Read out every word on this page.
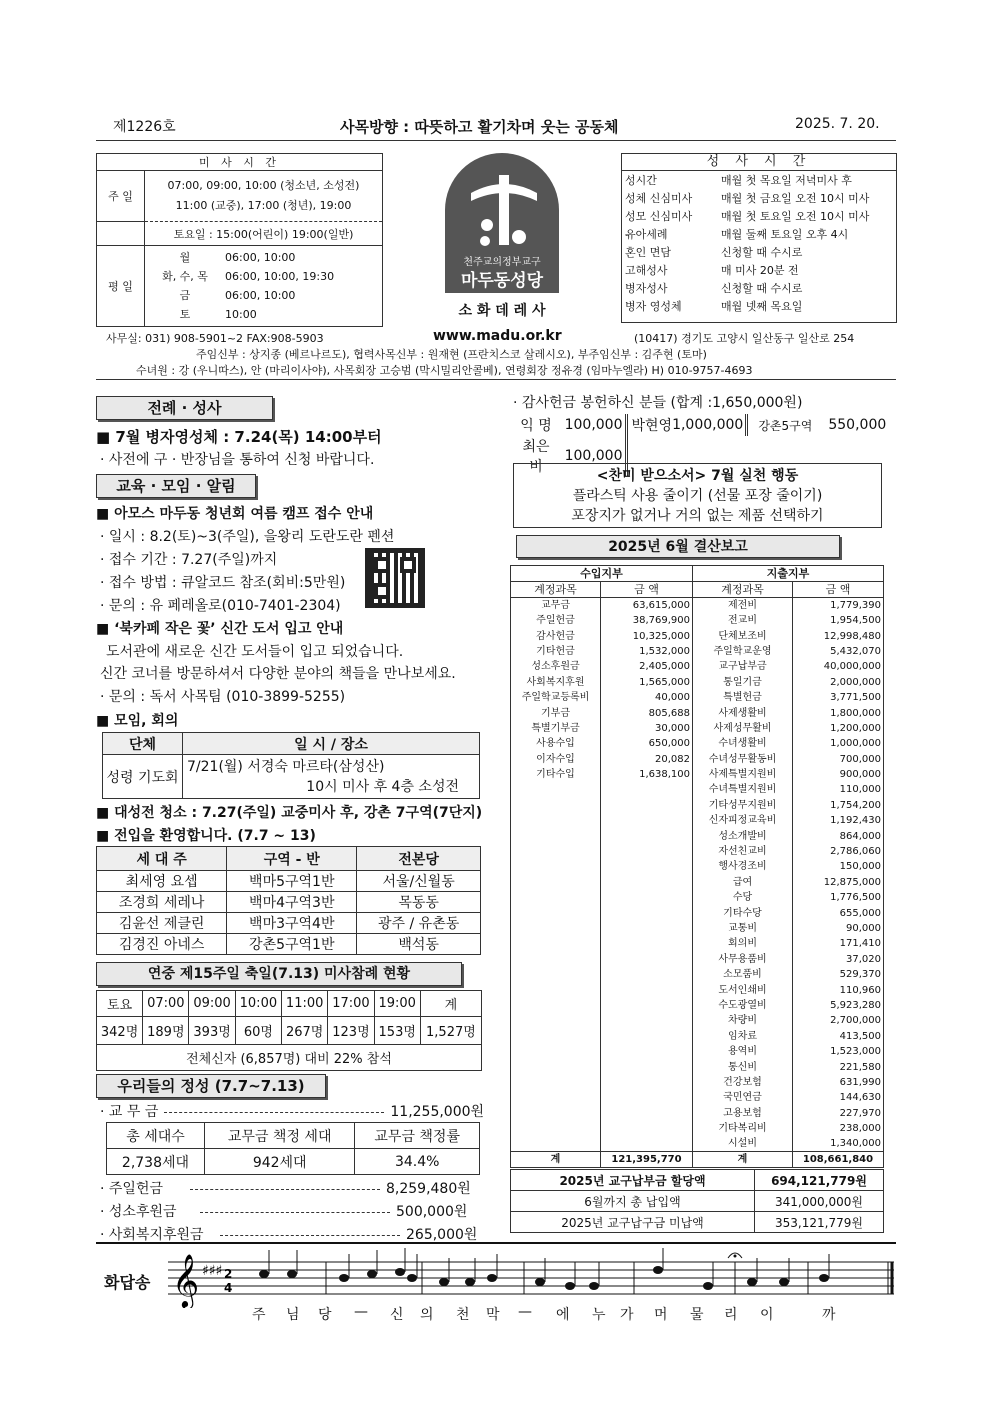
제1226호	사목방향 : 따뜻하고 활기차며 웃는 공동체	2025. 7. 20.
미 사 시 간	
주 일	07:00, 09:00, 10:00 (청소년, 소성전)
11:00 (교중), 17:00 (청년), 19:00

	토요일 : 15:00(어린이) 19:00(일반)
평 일	월 06:00, 10:00
화, 수, 목 06:00, 10:00, 19:30
금 06:00, 10:00
토 10:00
천주교의정부교구
마두동성당
소 화 데 레 사
성 사 시 간
성시간	매월 첫 목요일 저녁미사 후
성체 신심미사	매월 첫 금요일 오전 10시 미사
성모 신심미사	매월 첫 토요일 오전 10시 미사
유아세례	매월 둘째 토요일 오후 4시
혼인 면담	신청할 때 수시로
고해성사	매 미사 20분 전
병자성사	신청할 때 수시로
병자 영성체	매월 넷째 목요일
사무실: 031) 908-5901~2 FAX:908-5903	www.madu.or.kr	(10417) 경기도 고양시 일산동구 일산로 254
주임신부 : 상지종 (베르나르도), 협력사목신부 : 원재현 (프란치스코 살레시오), 부주임신부 : 김주현 (토마)
수녀원 : 강 (우니따스), 안 (마리이사야), 사목회장 고승범 (막시밀리안콜베), 연령회장 정유경 (임마누엘라) H) 010-9757-4693
전례 · 성사
■ 7월 병자영성체 : 7.24(목) 14:00부터
· 사전에 구 · 반장님을 통하여 신청 바랍니다.
교육 · 모임 · 알림
■ 아모스 마두동 청년회 여름 캠프 접수 안내
· 일시 : 8.2(토)~3(주일), 을왕리 도란도란 펜션
· 접수 기간 : 7.27(주일)까지
· 접수 방법 : 큐알코드 참조(회비:5만원)
· 문의 : 유 페레올로(010-7401-2304)
■ ‘북카페 작은 꽃’ 신간 도서 입고 안내
도서관에 새로운 신간 도서들이 입고 되었습니다.
신간 코너를 방문하셔서 다양한 분야의 책들을 만나보세요.
· 문의 : 독서 사목팀 (010-3899-5255)
■ 모임, 회의
단체	일 시 / 장소
성령 기도회	7/21(월) 서경숙 마르타(삼성산)
10시 미사 후 4층 소성전
■ 대성전 청소 : 7.27(주일) 교중미사 후, 강촌 7구역(7단지)
■ 전입을 환영합니다. (7.7 ~ 13)
세 대 주	구역 - 반	전본당
최세영 요셉	백마5구역1반	서울/신월동
조경희 세레나	백마4구역3반	목동동
김윤선 제클린	백마3구역4반	광주 / 유촌동
김경진 아네스	강촌5구역1반	백석동
연중 제15주일 축일(7.13) 미사참례 현황
토요	07:00	09:00	10:00	11:00	17:00	19:00	계
342명	189명	393명	60명	267명	123명	153명	1,527명
전체신자 (6,857명) 대비 22% 참석							
우리들의 정성 (7.7~7.13)
· 교 무 금	11,255,000원
총 세대수	교무금 책정 세대	교무금 책정률
2,738세대	942세대	34.4%
· 주일헌금	8,259,480원
· 성소후원금	500,000원
· 사회복지후원금	265,000원
· 감사헌금 봉헌하신 분들 (합계 :1,650,000원)
익 명	100,000	박현영	1,000,000	강촌5구역	550,000
최은비	100,000				
<찬미 받으소서> 7월 실천 행동
플라스틱 사용 줄이기 (선물 포장 줄이기)
포장지가 없거나 거의 없는 제품 선택하기
2025년 6월 결산보고
수입지부		지출지부	
계정과목	금 액	계정과목	금 액
교무금	63,615,000	제전비	1,779,390
주일헌금	38,769,900	전교비	1,954,500
감사헌금	10,325,000	단체보조비	12,998,480
기타헌금	1,532,000	주일학교운영	5,432,070
성소후원금	2,405,000	교구납부금	40,000,000
사회복지후원	1,565,000	통일기금	2,000,000
주일학교등록비	40,000	특별헌금	3,771,500
기부금	805,688	사제생활비	1,800,000
특별기부금	30,000	사제성무활비	1,200,000
사용수입	650,000	수녀생활비	1,000,000
이자수입	20,082	수녀성무활동비	700,000
기타수입	1,638,100	사제특별지원비	900,000
		수녀특별지원비	110,000
		기타성무지원비	1,754,200
		신자피정교육비	1,192,430
		성소개발비	864,000
		자선친교비	2,786,060
		행사경조비	150,000
		급여	12,875,000
		수당	1,776,500
		기타수당	655,000
		교통비	90,000
		회의비	171,410
		사무용품비	37,020
		소모품비	529,370
		도서인쇄비	110,960
		수도광열비	5,923,280
		차량비	2,700,000
		임차료	413,500
		용역비	1,523,000
		통신비	221,580
		건강보험	631,990
		국민연금	144,630
		고용보험	227,970
		기타복리비	238,000
		시설비	1,340,000
계	121,395,770	계	108,661,840
2025년 교구납부금 할당액	694,121,779원
6월까지 총 납입액	341,000,000원
2025년 교구납구금 미납액	353,121,779원
화답송 𝄞 ♯♯♯ 2
4
주 님 당 — 신 의 천 막 — 에 누 가 머 물 리 이	까
